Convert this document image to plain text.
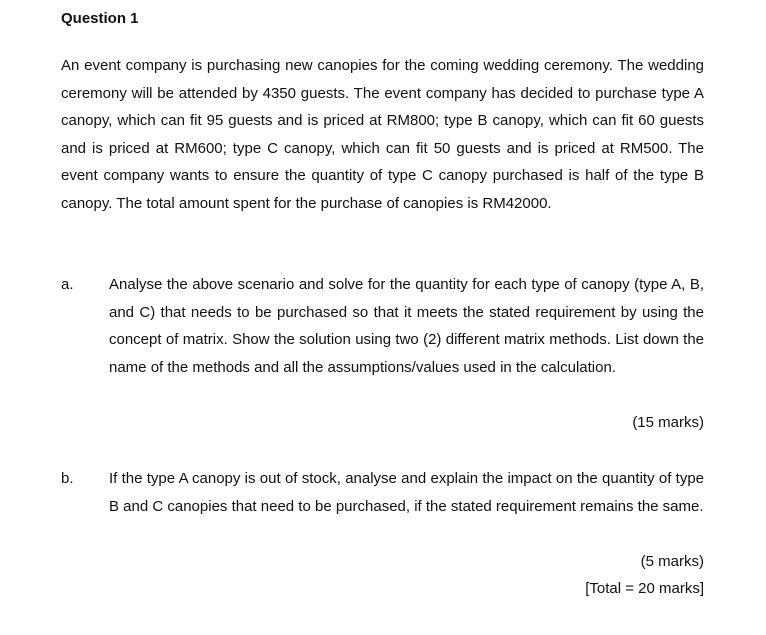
Question 1

An event company is purchasing new canopies for the coming wedding ceremony. The wedding ceremony will be attended by 4350 guests. The event company has decided to purchase type A canopy, which can fit 95 guests and is priced at RM800; type B canopy, which can fit 60 guests and is priced at RM600; type C canopy, which can fit 50 guests and is priced at RM500. The event company wants to ensure the quantity of type C canopy purchased is half of the type B canopy. The total amount spent for the purchase of canopies is RM42000.

a. Analyse the above scenario and solve for the quantity for each type of canopy (type A, B, and C) that needs to be purchased so that it meets the stated requirement by using the concept of matrix. Show the solution using two (2) different matrix methods. List down the name of the methods and all the assumptions/values used in the calculation.

(15 marks)
b. If the type A canopy is out of stock, analyse and explain the impact on the quantity of type B and C canopies that need to be purchased, if the stated requirement remains the same.

(5 marks)
[Total = 20 marks]
